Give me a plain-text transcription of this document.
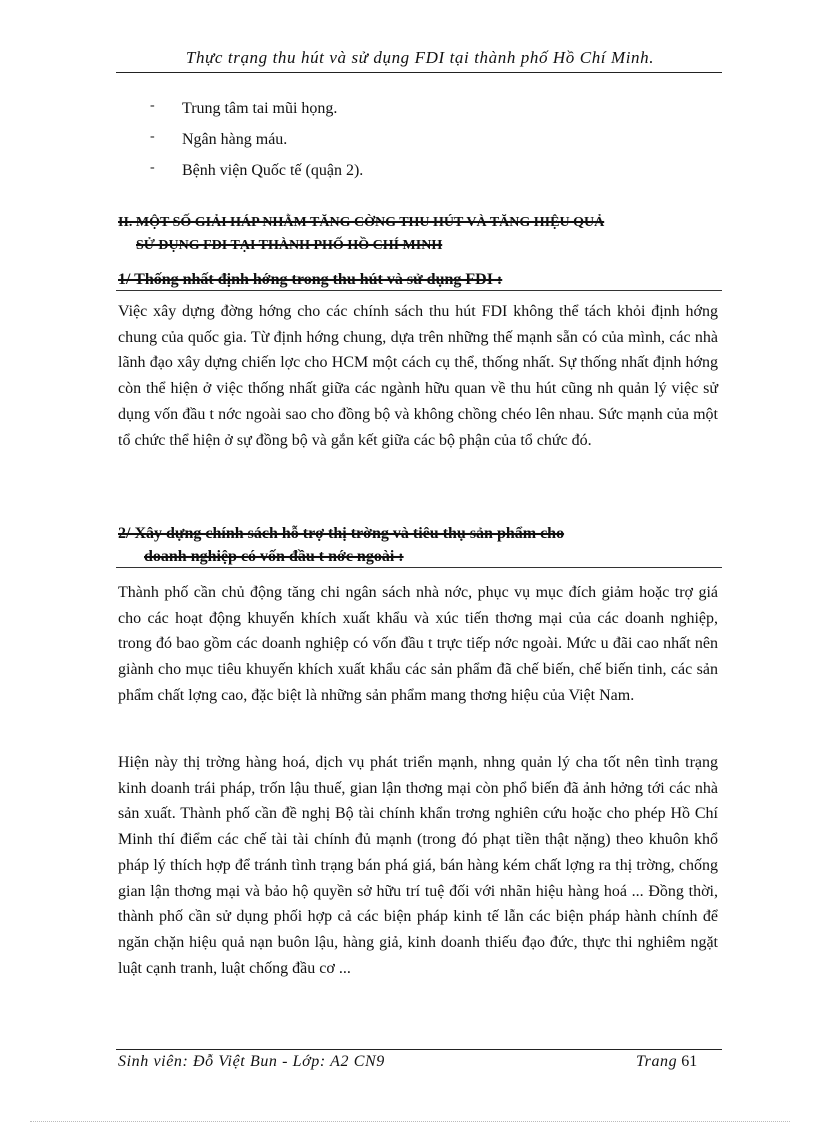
Thực trạng thu hút và sử dụng FDI tại thành phố Hồ Chí Minh.
-	Trung tâm tai mũi họng.
-	Ngân hàng máu.
-	Bệnh viện Quốc tế (quận 2).
II. MỘT SỐ GIẢI HÁP NHẰM TĂNG CỜNG THU HÚT VÀ TĂNG HIỆU QUẢ
SỬ DỤNG FDI TẠI THÀNH PHỐ HỒ CHÍ MINH
1/ Thống nhất định hớng trong thu hút và sử dụng FDI :

Việc xây dựng đờng hớng cho các chính sách thu hút FDI không thể tách khỏi định hớng chung của quốc gia. Từ định hớng chung, dựa trên những thế mạnh sẵn có của mình, các nhà lãnh đạo xây dựng chiến lợc cho HCM một cách cụ thể, thống nhất. Sự thống nhất định hớng còn thể hiện ở việc thống nhất giữa các ngành hữu quan về thu hút cũng nh quản lý việc sử dụng vốn đầu t nớc ngoài sao cho đồng bộ và không chồng chéo lên nhau. Sức mạnh của một tổ chức thể hiện ở sự đồng bộ và gắn kết giữa các bộ phận của tổ chức đó.

2/ Xây dựng chính sách hỗ trợ thị trờng và tiêu thụ sản phẩm cho
doanh nghiệp có vốn đầu t nớc ngoài :

Thành phố cần chủ động tăng chi ngân sách nhà nớc, phục vụ mục đích giảm hoặc trợ giá cho các hoạt động khuyến khích xuất khẩu và xúc tiến thơng mại của các doanh nghiệp, trong đó bao gồm các doanh nghiệp có vốn đầu t trực tiếp nớc ngoài. Mức u đãi cao nhất nên giành cho mục tiêu khuyến khích xuất khẩu các sản phẩm đã chế biến, chế biến tinh, các sản phẩm chất lợng cao, đặc biệt là những sản phẩm mang thơng hiệu của Việt Nam.

Hiện này thị trờng hàng hoá, dịch vụ phát triển mạnh, nhng quản lý cha tốt nên tình trạng kinh doanh trái pháp, trốn lậu thuế, gian lận thơng mại còn phổ biến đã ảnh hởng tới các nhà sản xuất. Thành phố cần đề nghị Bộ tài chính khẩn trơng nghiên cứu hoặc cho phép Hồ Chí Minh thí điểm các chế tài tài chính đủ mạnh (trong đó phạt tiền thật nặng) theo khuôn khổ pháp lý thích hợp để tránh tình trạng bán phá giá, bán hàng kém chất lợng ra thị trờng, chống gian lận thơng mại và bảo hộ quyền sở hữu trí tuệ đối với nhãn hiệu hàng hoá ... Đồng thời, thành phố cần sử dụng phối hợp cả các biện pháp kinh tế lẫn các biện pháp hành chính để ngăn chặn hiệu quả nạn buôn lậu, hàng giả, kinh doanh thiếu đạo đức, thực thi nghiêm ngặt luật cạnh tranh, luật chống đầu cơ ...

Sinh viên: Đỗ Việt Bun - Lớp: A2 CN9	Trang 61
